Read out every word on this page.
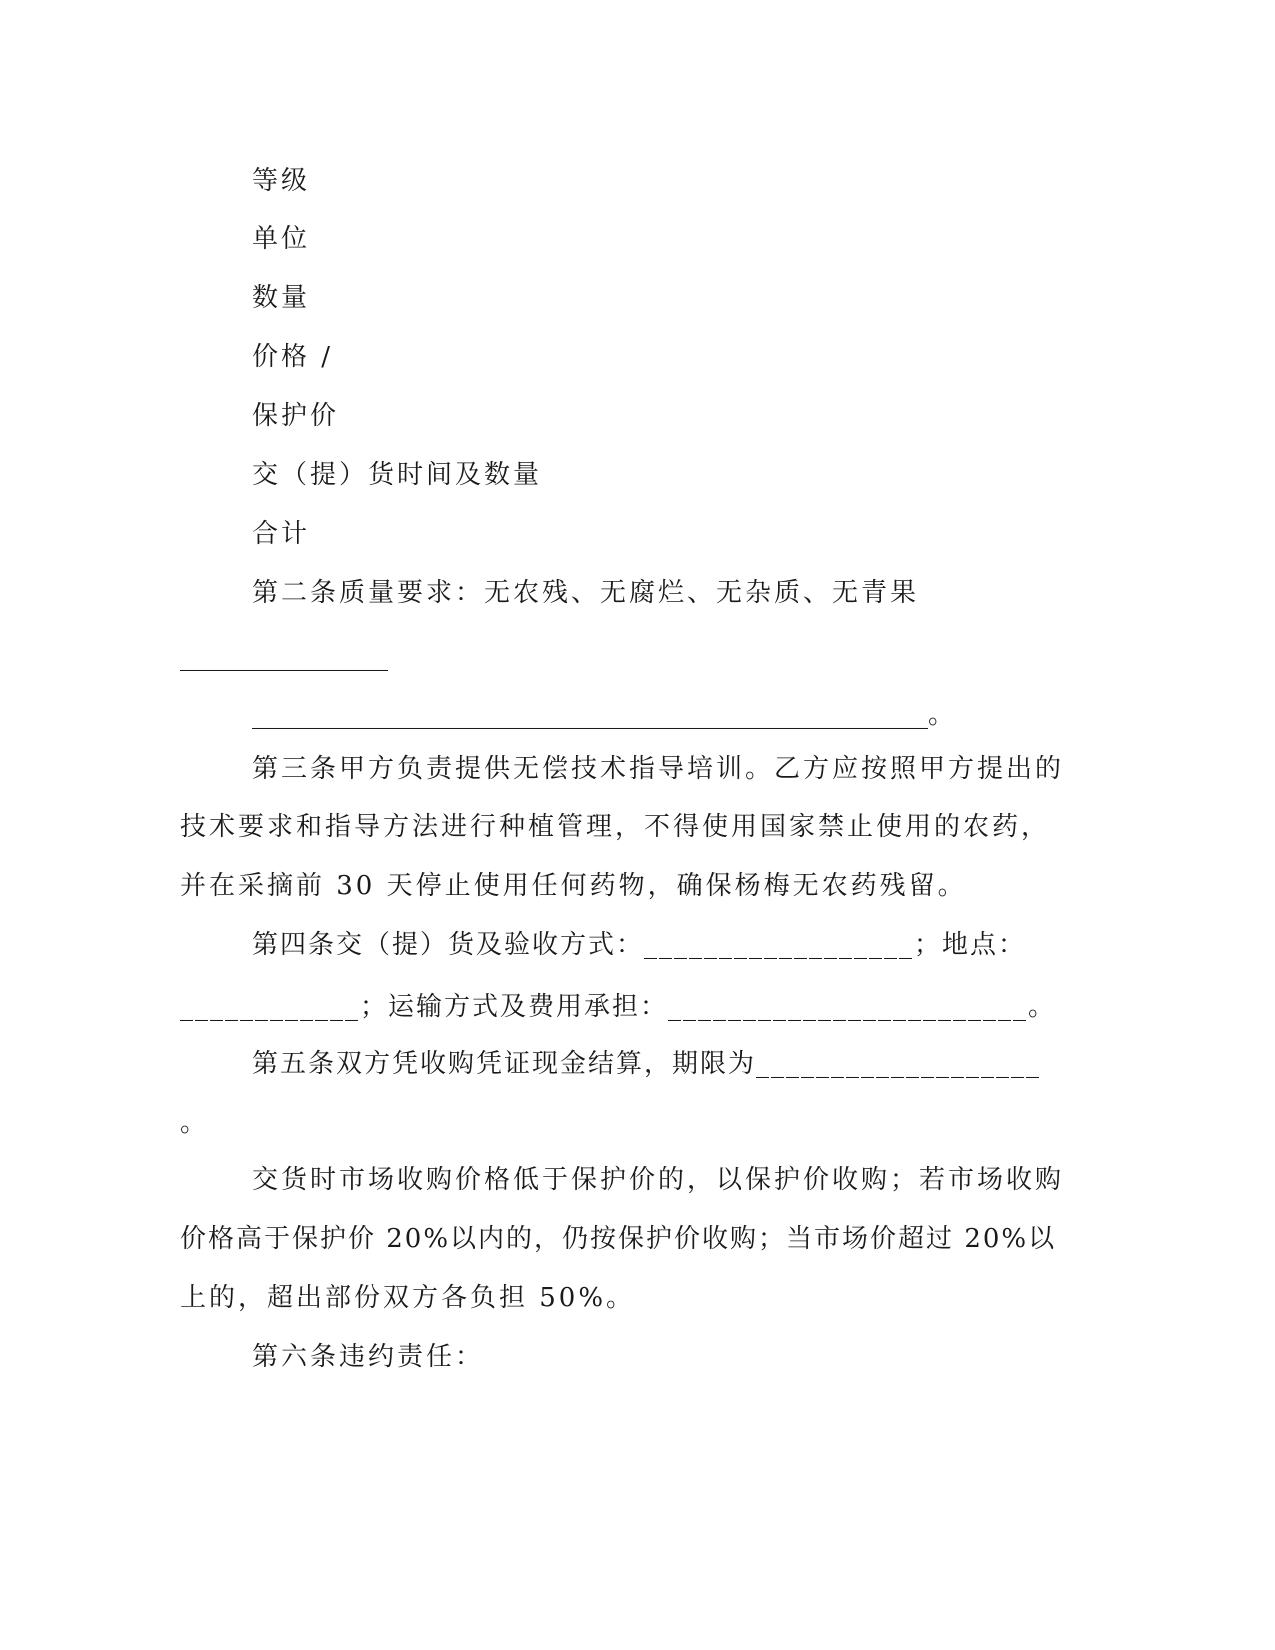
等级
单位
数量
价格 /
保护价
交（提）货时间及数量
合计
第二条质量要求：无农残、无腐烂、无杂质、无青果
________________
____________________________________________________。
第三条甲方负责提供无偿技术指导培训。乙方应按照甲方提出的
技术要求和指导方法进行种植管理，不得使用国家禁止使用的农药，
并在采摘前 30 天停止使用任何药物，确保杨梅无农药残留。
第四条交（提）货及验收方式：__________________；地点：
____________；运输方式及费用承担：________________________。
第五条双方凭收购凭证现金结算，期限为___________________
。
交货时市场收购价格低于保护价的，以保护价收购；若市场收购
价格高于保护价 20%以内的，仍按保护价收购；当市场价超过 20%以
上的，超出部份双方各负担 50%。
第六条违约责任：
